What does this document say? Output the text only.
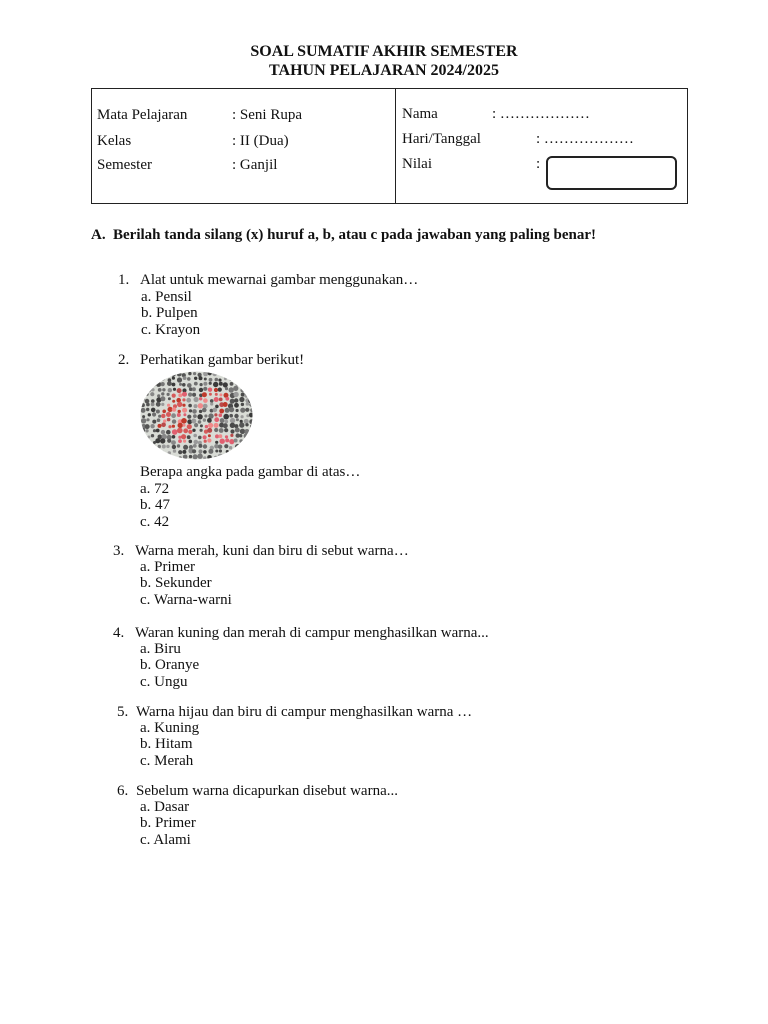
SOAL SUMATIF AKHIR SEMESTER
TAHUN PELAJARAN 2024/2025
Mata Pelajaran	: Seni Rupa
Kelas	: II (Dua)
Semester	: Ganjil
Nama	: ………………
Hari/Tanggal	: ………………
Nilai	:
A. Berilah tanda silang (x) huruf a, b, atau c pada jawaban yang paling benar!
1. Alat untuk mewarnai gambar menggunakan…
a. Pensil
b. Pulpen
c. Krayon
2. Perhatikan gambar berikut!
Berapa angka pada gambar di atas…
a. 72
b. 47
c. 42
3. Warna merah, kuni dan biru di sebut warna…
a. Primer
b. Sekunder
c. Warna-warni
4. Waran kuning dan merah di campur menghasilkan warna...
a. Biru
b. Oranye
c. Ungu
5. Warna hijau dan biru di campur menghasilkan warna …
a. Kuning
b. Hitam
c. Merah
6. Sebelum warna dicapurkan disebut warna...
a. Dasar
b. Primer
c. Alami
